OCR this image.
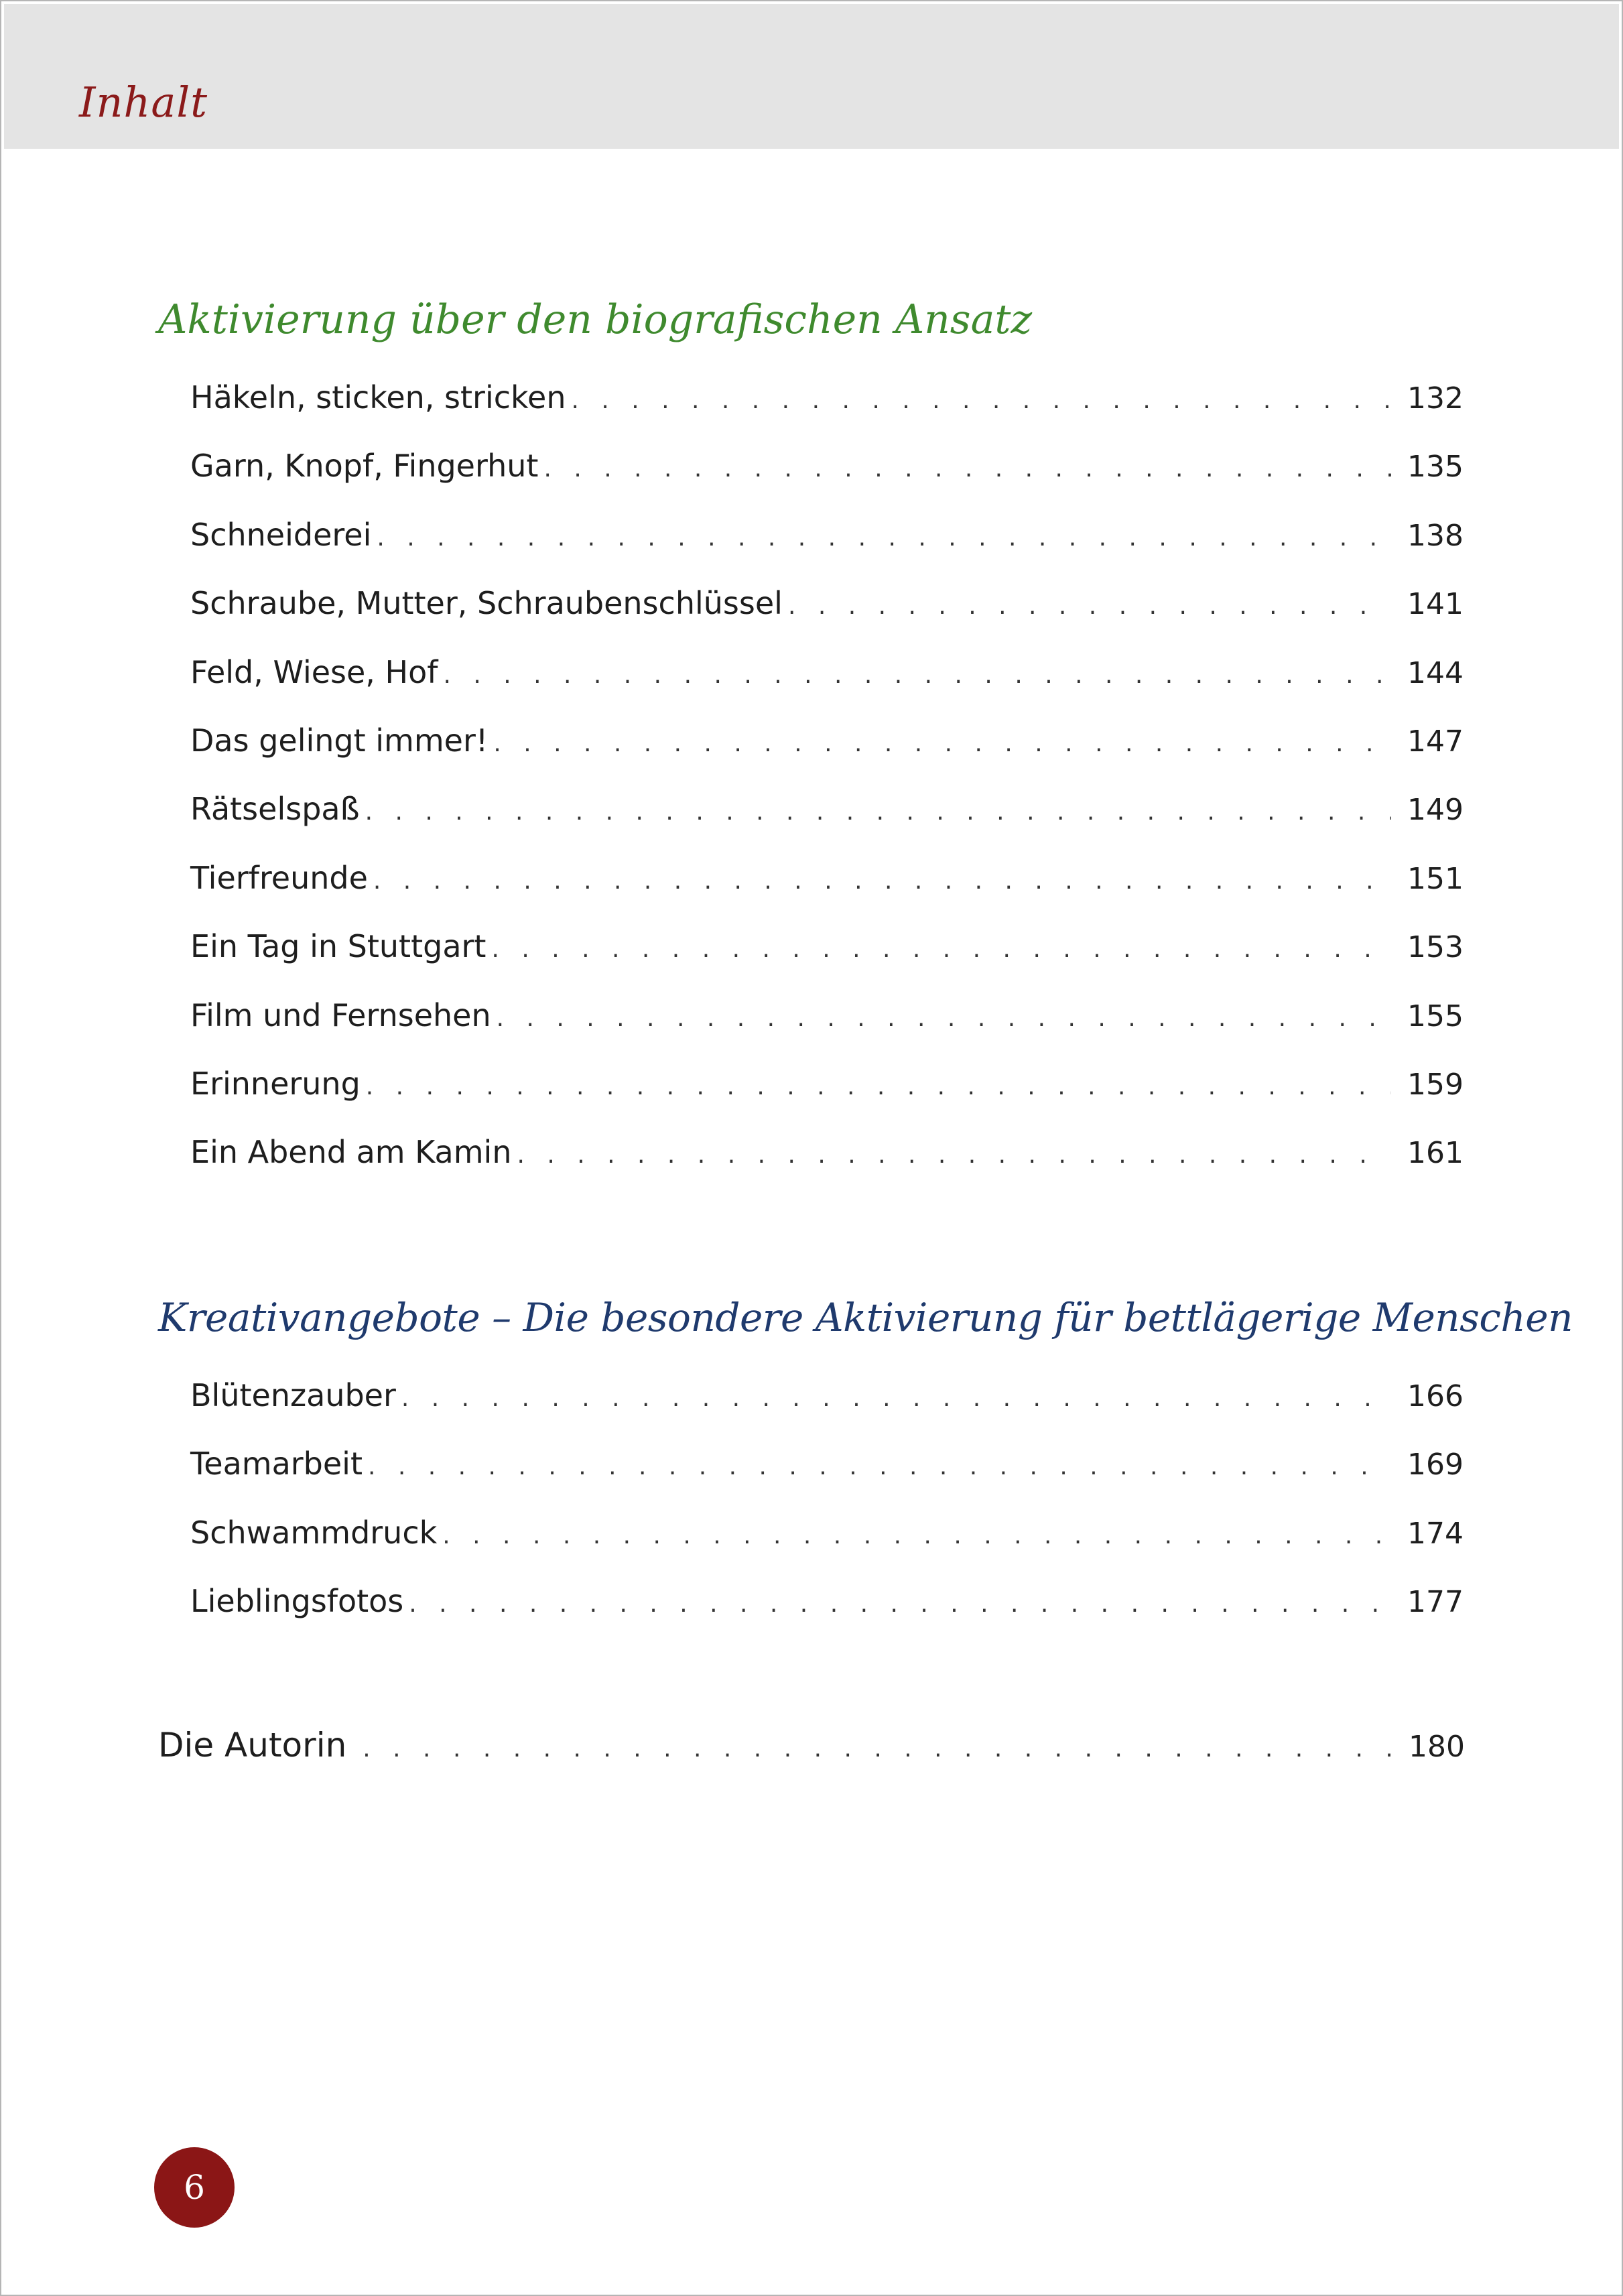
Inhalt
Aktivierung über den biografischen Ansatz
Häkeln, sticken, stricken . . .	132
Garn, Knopf, Fingerhut . . .	135
Schneiderei . . .	138
Schraube, Mutter, Schraubenschlüssel . . .	141
Feld, Wiese, Hof . . .	144
Das gelingt immer! . . .	147
Rätselspaß . . .	149
Tierfreunde . . .	151
Ein Tag in Stuttgart . . .	153
Film und Fernsehen . . .	155
Erinnerung . . .	159
Ein Abend am Kamin . . .	161
Kreativangebote – Die besondere Aktivierung für bettlägerige Menschen
Blütenzauber . . .	166
Teamarbeit . . .	169
Schwammdruck . . .	174
Lieblingsfotos . . .	177
Die Autorin . . .	180
6
